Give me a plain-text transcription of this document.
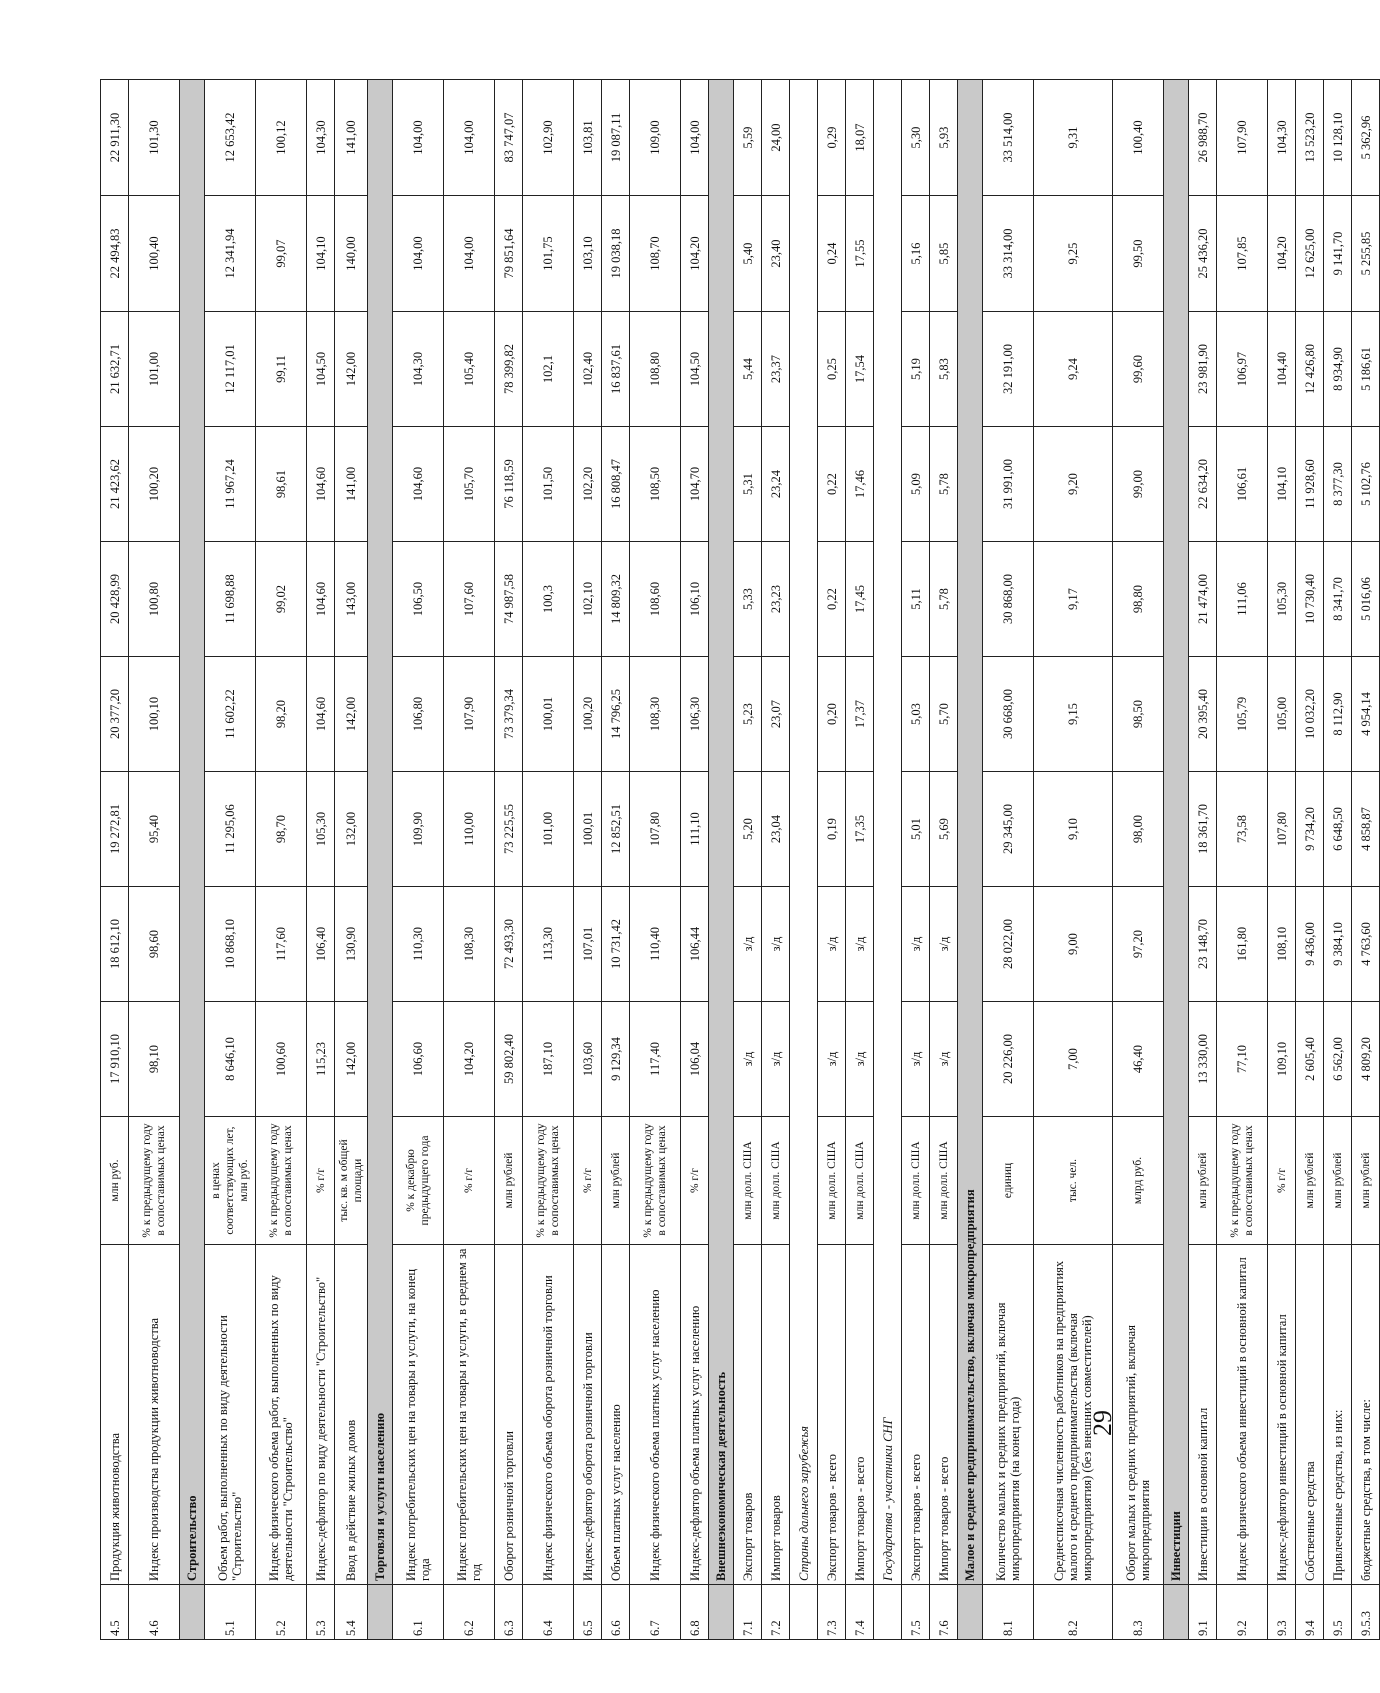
4.5	Продукция животноводства	млн руб.	17 910,10	18 612,10	19 272,81	20 377,20	20 428,99	21 423,62	21 632,71	22 494,83	22 911,30
4.6	Индекс производства продукции животноводства	% к предыдущему году в сопоставимых ценах	98,10	98,60	95,40	100,10	100,80	100,20	101,00	100,40	101,30
	Строительство										
5.1	Объем работ, выполненных по виду деятельности "Строительство"	в ценах соответствующих лет, млн руб.	8 646,10	10 868,10	11 295,06	11 602,22	11 698,88	11 967,24	12 117,01	12 341,94	12 653,42
5.2	Индекс физического объема работ, выполненных по виду деятельности "Строительство"	% к предыдущему году в сопоставимых ценах	100,60	117,60	98,70	98,20	99,02	98,61	99,11	99,07	100,12
5.3	Индекс-дефлятор по виду деятельности "Строительство"	% г/г	115,23	106,40	105,30	104,60	104,60	104,60	104,50	104,10	104,30
5.4	Ввод в действие жилых домов	тыс. кв. м общей площади	142,00	130,90	132,00	142,00	143,00	141,00	142,00	140,00	141,00
	Торговля и услуги населению										
6.1	Индекс потребительских цен на товары и услуги, на конец года	% к декабрю предыдущего года	106,60	110,30	109,90	106,80	106,50	104,60	104,30	104,00	104,00
6.2	Индекс потребительских цен на товары и услуги, в среднем за год	% г/г	104,20	108,30	110,00	107,90	107,60	105,70	105,40	104,00	104,00
6.3	Оборот розничной торговли	млн рублей	59 802,40	72 493,30	73 225,55	73 379,34	74 987,58	76 118,59	78 399,82	79 851,64	83 747,07
6.4	Индекс физического объема оборота розничной торговли	% к предыдущему году в сопоставимых ценах	187,10	113,30	101,00	100,01	100,3	101,50	102,1	101,75	102,90
6.5	Индекс-дефлятор оборота розничной торговли	% г/г	103,60	107,01	100,01	100,20	102,10	102,20	102,40	103,10	103,81
6.6	Объем платных услуг населению	млн рублей	9 129,34	10 731,42	12 852,51	14 796,25	14 809,32	16 808,47	16 837,61	19 038,18	19 087,11
6.7	Индекс физического объема платных услуг населению	% к предыдущему году в сопоставимых ценах	117,40	110,40	107,80	108,30	108,60	108,50	108,80	108,70	109,00
6.8	Индекс-дефлятор объема платных услуг населению	% г/г	106,04	106,44	111,10	106,30	106,10	104,70	104,50	104,20	104,00
	Внешнеэкономическая деятельность										
7.1	Экспорт товаров	млн долл. США	з/д	з/д	5,20	5,23	5,33	5,31	5,44	5,40	5,59
7.2	Импорт товаров	млн долл. США	з/д	з/д	23,04	23,07	23,23	23,24	23,37	23,40	24,00
	Страны дальнего зарубежья										
7.3	Экспорт товаров - всего	млн долл. США	з/д	з/д	0,19	0,20	0,22	0,22	0,25	0,24	0,29
7.4	Импорт товаров - всего	млн долл. США	з/д	з/д	17,35	17,37	17,45	17,46	17,54	17,55	18,07
	Государства - участники СНГ										
7.5	Экспорт товаров - всего	млн долл. США	з/д	з/д	5,01	5,03	5,11	5,09	5,19	5,16	5,30
7.6	Импорт товаров - всего	млн долл. США	з/д	з/д	5,69	5,70	5,78	5,78	5,83	5,85	5,93
	Малое и среднее предпринимательство, включая микропредприятия										
8.1	Количество малых и средних предприятий, включая микропредприятия (на конец года)	единиц	20 226,00	28 022,00	29 345,00	30 668,00	30 868,00	31 991,00	32 191,00	33 314,00	33 514,00
8.2	Среднесписочная численность работников на предприятиях малого и среднего предпринимательства (включая микропредприятия) (без внешних совместителей)	тыс. чел.	7,00	9,00	9,10	9,15	9,17	9,20	9,24	9,25	9,31
8.3	Оборот малых и средних предприятий, включая микропредприятия	млрд руб.	46,40	97,20	98,00	98,50	98,80	99,00	99,60	99,50	100,40
	Инвестиции										
9.1	Инвестиции в основной капитал	млн рублей	13 330,00	23 148,70	18 361,70	20 395,40	21 474,00	22 634,20	23 981,90	25 436,20	26 988,70
9.2	Индекс физического объема инвестиций в основной капитал	% к предыдущему году в сопоставимых ценах	77,10	161,80	73,58	105,79	111,06	106,61	106,97	107,85	107,90
9.3	Индекс-дефлятор инвестиций в основной капитал	% г/г	109,10	108,10	107,80	105,00	105,30	104,10	104,40	104,20	104,30
9.4	Собственные средства	млн рублей	2 605,40	9 436,00	9 734,20	10 032,20	10 730,40	11 928,60	12 426,80	12 625,00	13 523,20
9.5	Привлеченные средства, из них:	млн рублей	6 562,00	9 384,10	6 648,50	8 112,90	8 341,70	8 377,30	8 934,90	9 141,70	10 128,10
9.5.3	бюджетные средства, в том числе:	млн рублей	4 809,20	4 763,60	4 858,87	4 954,14	5 016,06	5 102,76	5 186,61	5 255,85	5 362,96
29
